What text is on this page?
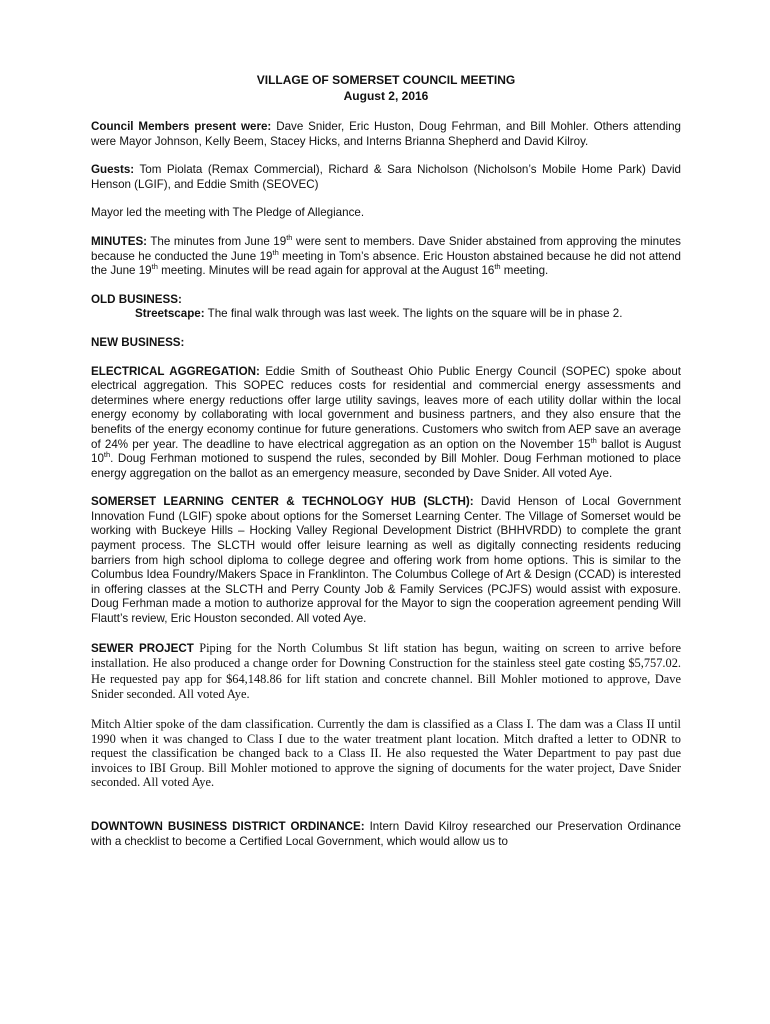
VILLAGE OF SOMERSET COUNCIL MEETING
August 2, 2016

Council Members present were: Dave Snider, Eric Huston, Doug Fehrman, and Bill Mohler. Others attending were Mayor Johnson, Kelly Beem, Stacey Hicks, and Interns Brianna Shepherd and David Kilroy.

Guests: Tom Piolata (Remax Commercial), Richard & Sara Nicholson (Nicholson’s Mobile Home Park) David Henson (LGIF), and Eddie Smith (SEOVEC)

Mayor led the meeting with The Pledge of Allegiance.

MINUTES: The minutes from June 19th were sent to members. Dave Snider abstained from approving the minutes because he conducted the June 19th meeting in Tom’s absence. Eric Houston abstained because he did not attend the June 19th meeting. Minutes will be read again for approval at the August 16th meeting.

OLD BUSINESS:

Streetscape: The final walk through was last week. The lights on the square will be in phase 2.

NEW BUSINESS:

ELECTRICAL AGGREGATION: Eddie Smith of Southeast Ohio Public Energy Council (SOPEC) spoke about electrical aggregation. This SOPEC reduces costs for residential and commercial energy assessments and determines where energy reductions offer large utility savings, leaves more of each utility dollar within the local energy economy by collaborating with local government and business partners, and they also ensure that the benefits of the energy economy continue for future generations. Customers who switch from AEP save an average of 24% per year. The deadline to have electrical aggregation as an option on the November 15th ballot is August 10th. Doug Ferhman motioned to suspend the rules, seconded by Bill Mohler. Doug Ferhman motioned to place energy aggregation on the ballot as an emergency measure, seconded by Dave Snider. All voted Aye.

SOMERSET LEARNING CENTER & TECHNOLOGY HUB (SLCTH): David Henson of Local Government Innovation Fund (LGIF) spoke about options for the Somerset Learning Center. The Village of Somerset would be working with Buckeye Hills – Hocking Valley Regional Development District (BHHVRDD) to complete the grant payment process. The SLCTH would offer leisure learning as well as digitally connecting residents reducing barriers from high school diploma to college degree and offering work from home options. This is similar to the Columbus Idea Foundry/Makers Space in Franklinton. The Columbus College of Art & Design (CCAD) is interested in offering classes at the SLCTH and Perry County Job & Family Services (PCJFS) would assist with exposure. Doug Ferhman made a motion to authorize approval for the Mayor to sign the cooperation agreement pending Will Flautt’s review, Eric Houston seconded. All voted Aye.

SEWER PROJECT Piping for the North Columbus St lift station has begun, waiting on screen to arrive before installation. He also produced a change order for Downing Construction for the stainless steel gate costing $5,757.02. He requested pay app for $64,148.86 for lift station and concrete channel. Bill Mohler motioned to approve, Dave Snider seconded. All voted Aye.

Mitch Altier spoke of the dam classification. Currently the dam is classified as a Class I. The dam was a Class II until 1990 when it was changed to Class I due to the water treatment plant location. Mitch drafted a letter to ODNR to request the classification be changed back to a Class II. He also requested the Water Department to pay past due invoices to IBI Group. Bill Mohler motioned to approve the signing of documents for the water project, Dave Snider seconded. All voted Aye.

DOWNTOWN BUSINESS DISTRICT ORDINANCE: Intern David Kilroy researched our Preservation Ordinance with a checklist to become a Certified Local Government, which would allow us to
